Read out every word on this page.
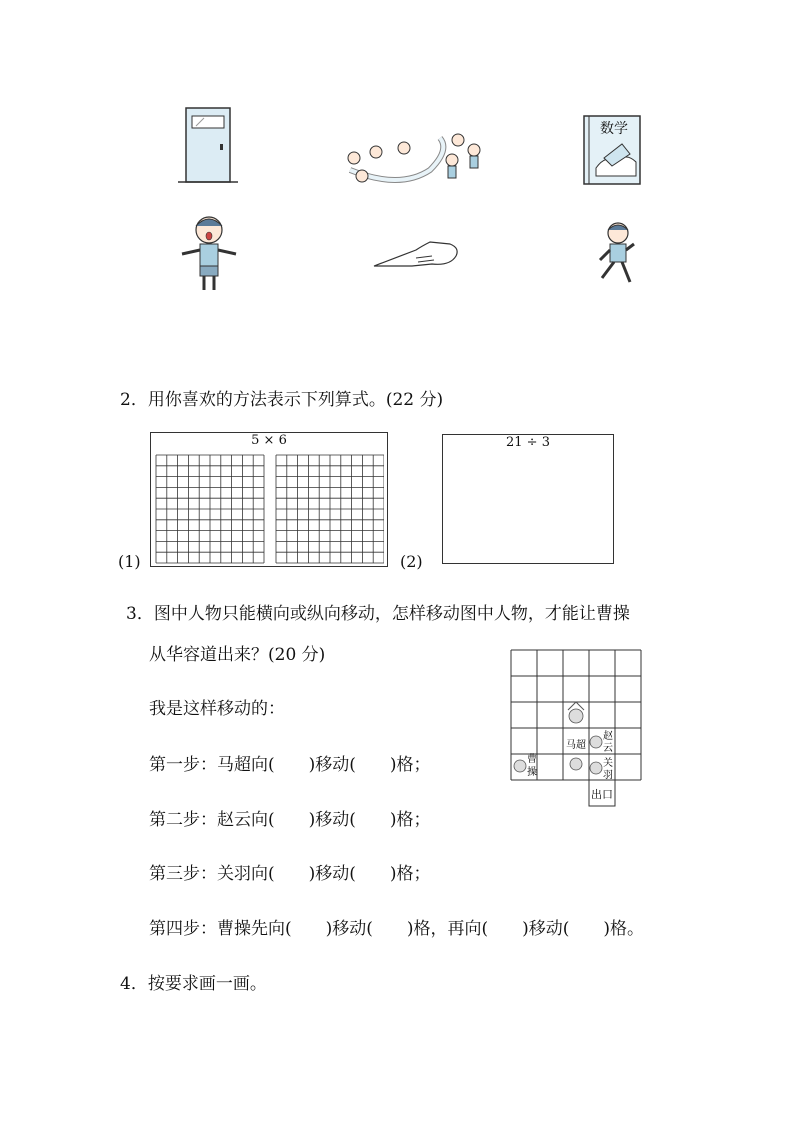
数学
2．用你喜欢的方法表示下列算式。(22 分)
(1)
5 × 6
(2)
21 ÷ 3
3．图中人物只能横向或纵向移动，怎样移动图中人物，才能让曹操
从华容道出来？(20 分)
我是这样移动的：
第一步：马超向(　　)移动(　　)格；
第二步：赵云向(　　)移动(　　)格；
第三步：关羽向(　　)移动(　　)格；
第四步：曹操先向(　　)移动(　　)格，再向(　　)移动(　　)格。
出口
马超
赵
云
曹
操
关
羽
4．按要求画一画。
